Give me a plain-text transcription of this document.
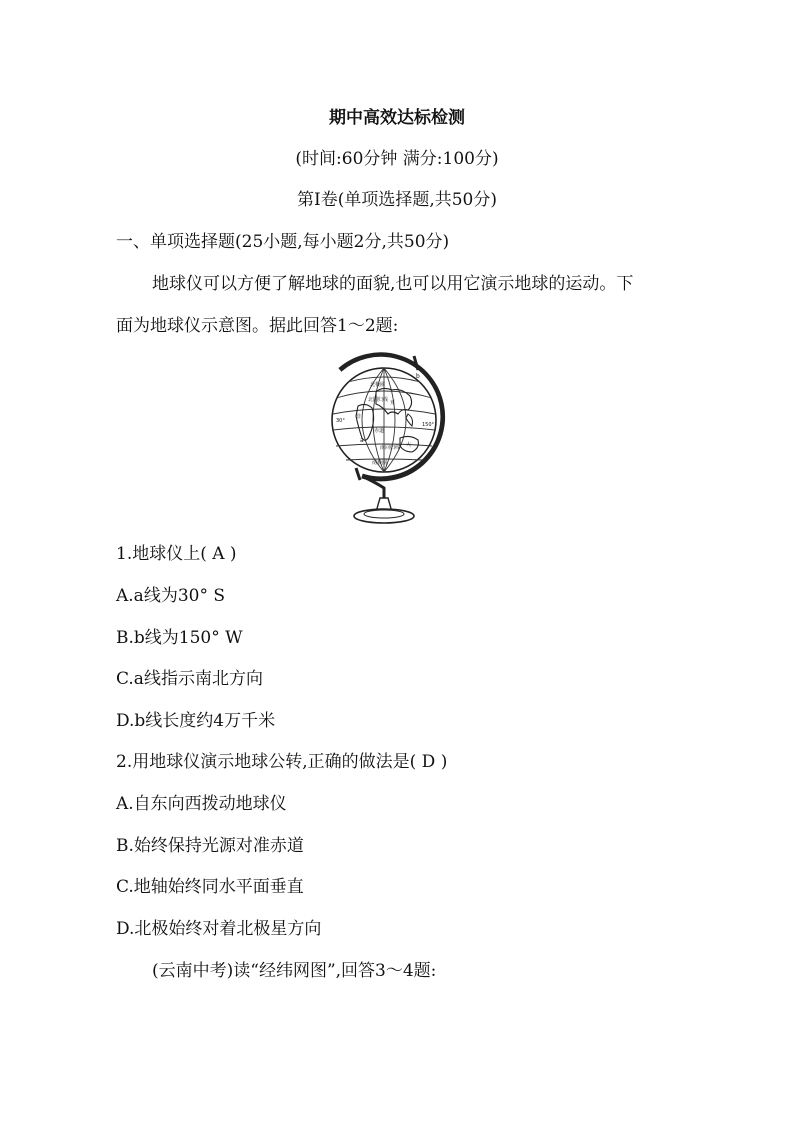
期中高效达标检测
(时间:60分钟 满分:100分)
第Ⅰ卷(单项选择题,共50分)
一、单项选择题(25小题,每小题2分,共50分)
地球仪可以方便了解地球的面貌,也可以用它演示地球的运动。下
面为地球仪示意图。据此回答1～2题:
北极圈
北回归线
非
亚
赤道
南回归线 大
南极圈
30°
150°
b
a
1.地球仪上( A )
A.a线为30° S
B.b线为150° W
C.a线指示南北方向
D.b线长度约4万千米
2.用地球仪演示地球公转,正确的做法是( D )
A.自东向西拨动地球仪
B.始终保持光源对准赤道
C.地轴始终同水平面垂直
D.北极始终对着北极星方向
(云南中考)读“经纬网图”,回答3～4题:
